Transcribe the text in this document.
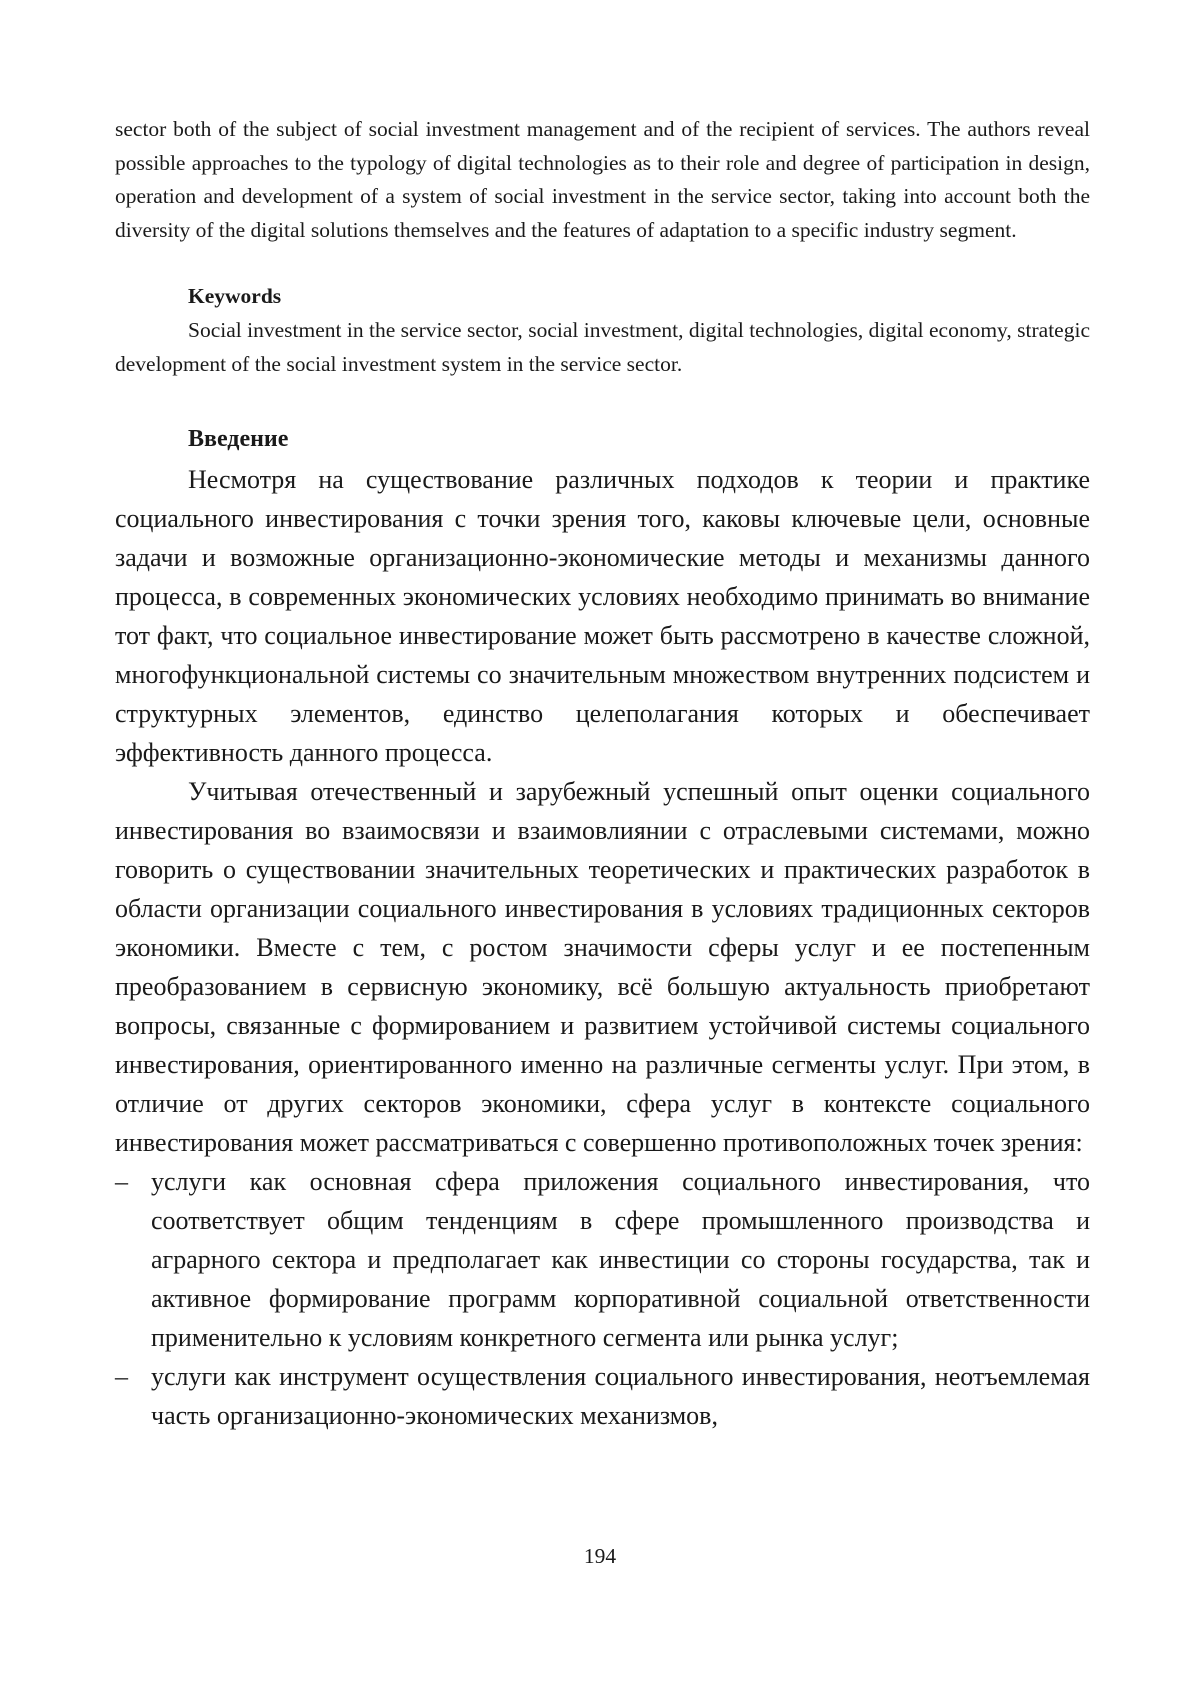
sector both of the subject of social investment management and of the recipient of services. The authors reveal possible approaches to the typology of digital technologies as to their role and degree of participation in design, operation and development of a system of social investment in the service sector, taking into account both the diversity of the digital solutions themselves and the features of adaptation to a specific industry segment.

Keywords

Social investment in the service sector, social investment, digital technologies, digital economy, strategic development of the social investment system in the service sector.

Введение

Несмотря на существование различных подходов к теории и практике социального инвестирования с точки зрения того, каковы ключевые цели, основные задачи и возможные организационно-экономические методы и механизмы данного процесса, в современных экономических условиях необходимо принимать во внимание тот факт, что социальное инвестирование может быть рассмотрено в качестве сложной, многофункциональной системы со значительным множеством внутренних подсистем и структурных элементов, единство целеполагания которых и обеспечивает эффективность данного процесса.

Учитывая отечественный и зарубежный успешный опыт оценки социального инвестирования во взаимосвязи и взаимовлиянии с отраслевыми системами, можно говорить о существовании значительных теоретических и практических разработок в области организации социального инвестирования в условиях традиционных секторов экономики. Вместе с тем, с ростом значимости сферы услуг и ее постепенным преобразованием в сервисную экономику, всё большую актуальность приобретают вопросы, связанные с формированием и развитием устойчивой системы социального инвестирования, ориентированного именно на различные сегменты услуг. При этом, в отличие от других секторов экономики, сфера услуг в контексте социального инвестирования может рассматриваться с совершенно противоположных точек зрения:

– услуги как основная сфера приложения социального инвестирования, что соответствует общим тенденциям в сфере промышленного производства и аграрного сектора и предполагает как инвестиции со стороны государства, так и активное формирование программ корпоративной социальной ответственности применительно к условиям конкретного сегмента или рынка услуг;
– услуги как инструмент осуществления социального инвестирования, неотъемлемая часть организационно-экономических механизмов,

194
